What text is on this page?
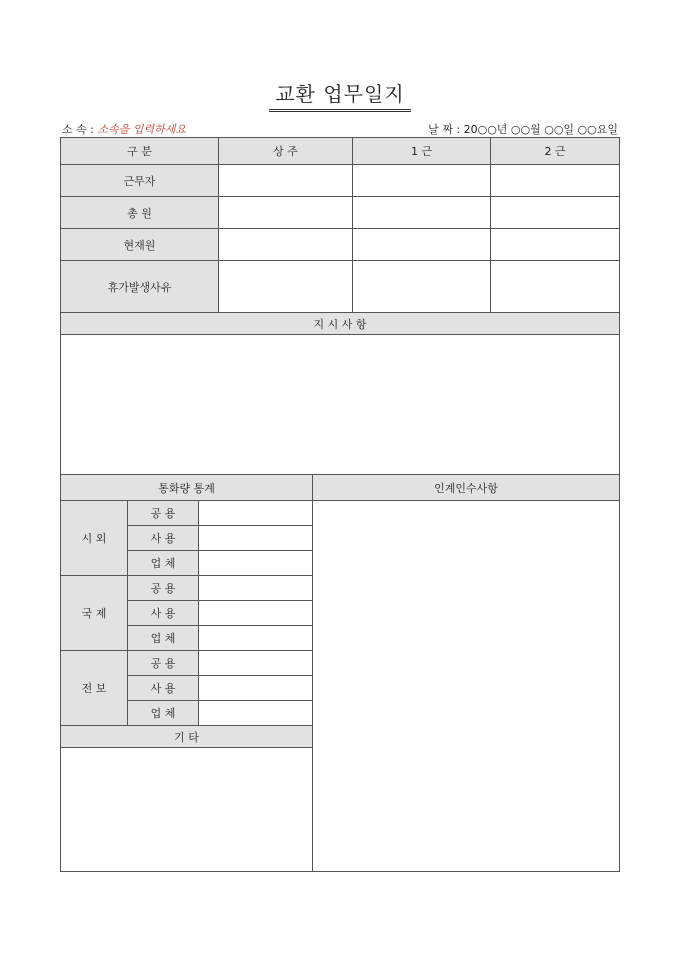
교환 업무일지
소 속 : 소속을 입력하세요	날 짜 : 20○○년 ○○월 ○○일 ○○요일
구 분	상 주	1 근	2 근
근무자			
총 원			
현재원			
휴가발생사유			
지 시 사 항			

통화량 통계			인계인수사항
시 외	공 용		
	사 용		
	업 체		
국 제	공 용		
	사 용		
	업 체		
전 보	공 용		
	사 용		
	업 체		
기 타			
